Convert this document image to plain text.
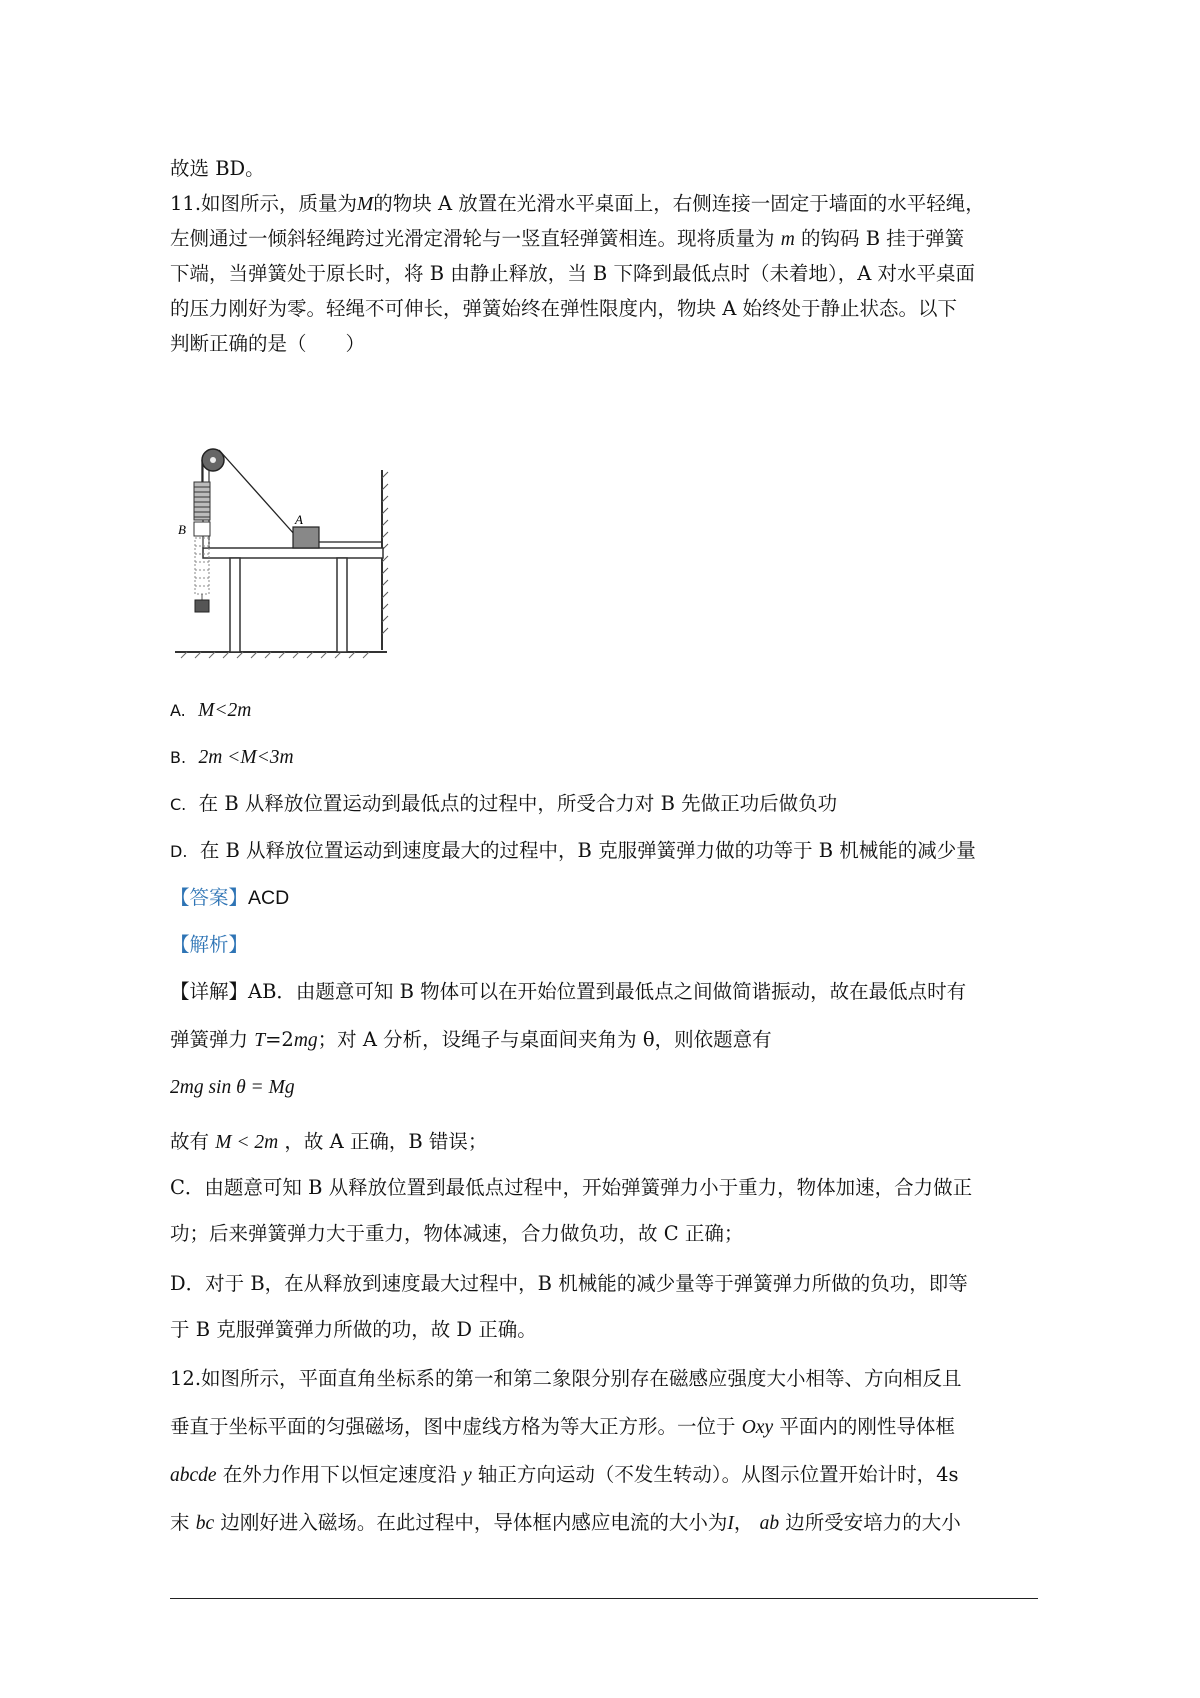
故选 BD。
11.如图所示，质量为M的物块 A 放置在光滑水平桌面上，右侧连接一固定于墙面的水平轻绳，
左侧通过一倾斜轻绳跨过光滑定滑轮与一竖直轻弹簧相连。现将质量为 m 的钩码 B 挂于弹簧
下端，当弹簧处于原长时，将 B 由静止释放，当 B 下降到最低点时（未着地），A 对水平桌面
的压力刚好为零。轻绳不可伸长，弹簧始终在弹性限度内，物块 A 始终处于静止状态。以下
判断正确的是（　　）
A
B
A. M<2m
B. 2m <M<3m
C. 在 B 从释放位置运动到最低点的过程中，所受合力对 B 先做正功后做负功
D. 在 B 从释放位置运动到速度最大的过程中，B 克服弹簧弹力做的功等于 B 机械能的减少量
【答案】ACD
【解析】
【详解】AB．由题意可知 B 物体可以在开始位置到最低点之间做简谐振动，故在最低点时有
弹簧弹力 T=2mg；对 A 分析，设绳子与桌面间夹角为 θ，则依题意有
2mg sin θ = Mg
故有 M < 2m ，故 A 正确，B 错误；
C．由题意可知 B 从释放位置到最低点过程中，开始弹簧弹力小于重力，物体加速，合力做正
功；后来弹簧弹力大于重力，物体减速，合力做负功，故 C 正确；
D．对于 B，在从释放到速度最大过程中，B 机械能的减少量等于弹簧弹力所做的负功，即等
于 B 克服弹簧弹力所做的功，故 D 正确。
12.如图所示，平面直角坐标系的第一和第二象限分别存在磁感应强度大小相等、方向相反且
垂直于坐标平面的匀强磁场，图中虚线方格为等大正方形。一位于 Oxy 平面内的刚性导体框
abcde 在外力作用下以恒定速度沿 y 轴正方向运动（不发生转动）。从图示位置开始计时，4s
末 bc 边刚好进入磁场。在此过程中，导体框内感应电流的大小为I， ab 边所受安培力的大小
